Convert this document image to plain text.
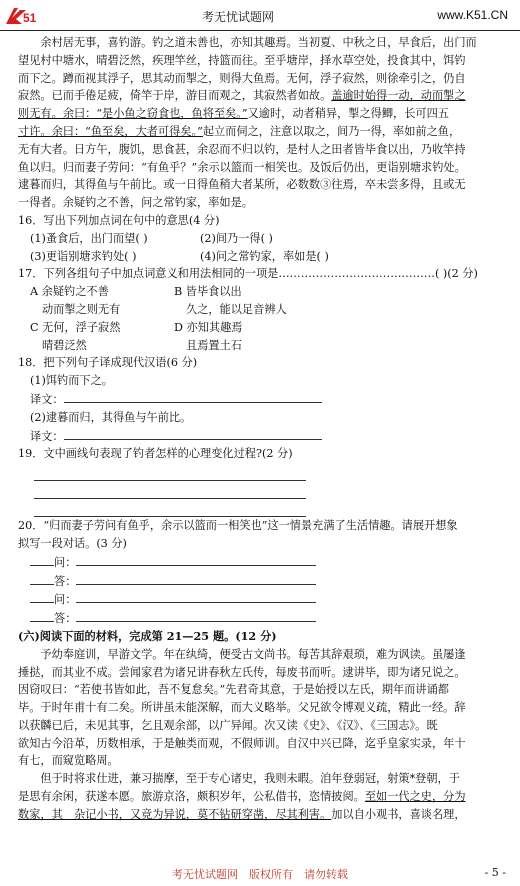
51	考无忧试题网	www.K51.CN

余村居无事，喜钓游。钓之道未善也，亦知其趣焉。当初夏、中秋之日，早食后，出门而

望见村中塘水，晴碧泛然，疾理竿丝，持篮而往。至乎塘岸，择水草空处，投食其中，饵钓

而下之。蹲而视其浮子，思其动而掣之，则得大鱼焉。无何，浮子寂然，则徐牵引之，仍自

寂然。已而手倦足疲，倚竿于岸，游目而观之，其寂然者如故。盖逾时始得一动，动而掣之

则无有。余曰：“是小鱼之窃食也，鱼将至矣。”又逾时，动者稍异，掣之得鲫，长可四五

寸许。余曰：“鱼至矣，大者可得矣。”起立而伺之，注意以取之，间乃一得，率如前之鱼，

无有大者。日方午，腹饥，思食甚，余忍而不归以钓，是村人之田者皆毕食以出，乃收竿持

鱼以归。归而妻子劳问：“有鱼乎？”余示以篮而一相笑也。及饭后仍出，更诣别塘求钓处。

逮暮而归，其得鱼与午前比。或一日得鱼稍大者某所，必数数③往焉，卒未尝多得，且或无

一得者。余疑钓之不善，问之常钓家，率如是。

16．写出下列加点词在句中的意思(4 分)

(1)蚤食后，出门而望( )	(2)间乃一得( )

(3)更诣别塘求钓处( )	(4)问之常钓家，率如是( )

17．下列各组句子中加点词意义和用法相同的一项是……………………………………( )(2 分)

A 余疑钓之不善	B 皆毕食以出

动而掣之则无有	久之，能以足音辨人

C 无何，浮子寂然	D 亦知其趣焉

晴碧泛然	且焉置土石

18．把下列句子译成现代汉语(6 分)

(1)饵钓而下之。

译文：

(2)逮暮而归，其得鱼与午前比。

译文：

19．文中画线句表现了钓者怎样的心理变化过程?(2 分)

20．“归而妻子劳问有鱼乎，余示以篮而一相笑也”这一情景充满了生活情趣。请展开想象

拟写一段对话。(3 分)

问：

答：

问：

答：

(六)阅读下面的材料，完成第 21—25 题。(12 分)

予幼奉庭训，早游文学。年在纨绮，便受古文尚书。每苦其辞艰琐，难为讽读。虽屡逢

捶挞，而其业不成。尝闻家君为诸兄讲春秋左氏传，每废书而听。逮讲毕，即为诸兄说之。

因窃叹曰：“若使书皆如此，吾不复怠矣。”先君奇其意，于是始授以左氏，期年而讲诵都

毕。于时年甫十有二矣。所讲虽未能深解，而大义略举。父兄欲令博观义疏，精此一经。辞

以获麟已后，未见其事，乞且观余部，以广异闻。次又读《史》、《汉》、《三国志》。既

欲知古今沿革，历数相承，于是触类而观，不假师训。自汉中兴已降，迄乎皇家实录，年十

有七，而窥览略周。

但于时将求仕进，兼习揣摩，至于专心诸史，我则未暇。洎年登弱冠，射策*登朝，于

是思有余闲，获遂本愿。旅游京洛，颇积岁年，公私借书，恣情披阅。至如一代之史，分为

数家，其　杂记小书，又竞为异说，莫不钻研穿凿，尽其利害。加以自小观书，喜谈名理，

考无忧试题网　版权所有　请勿转载	- 5 -
